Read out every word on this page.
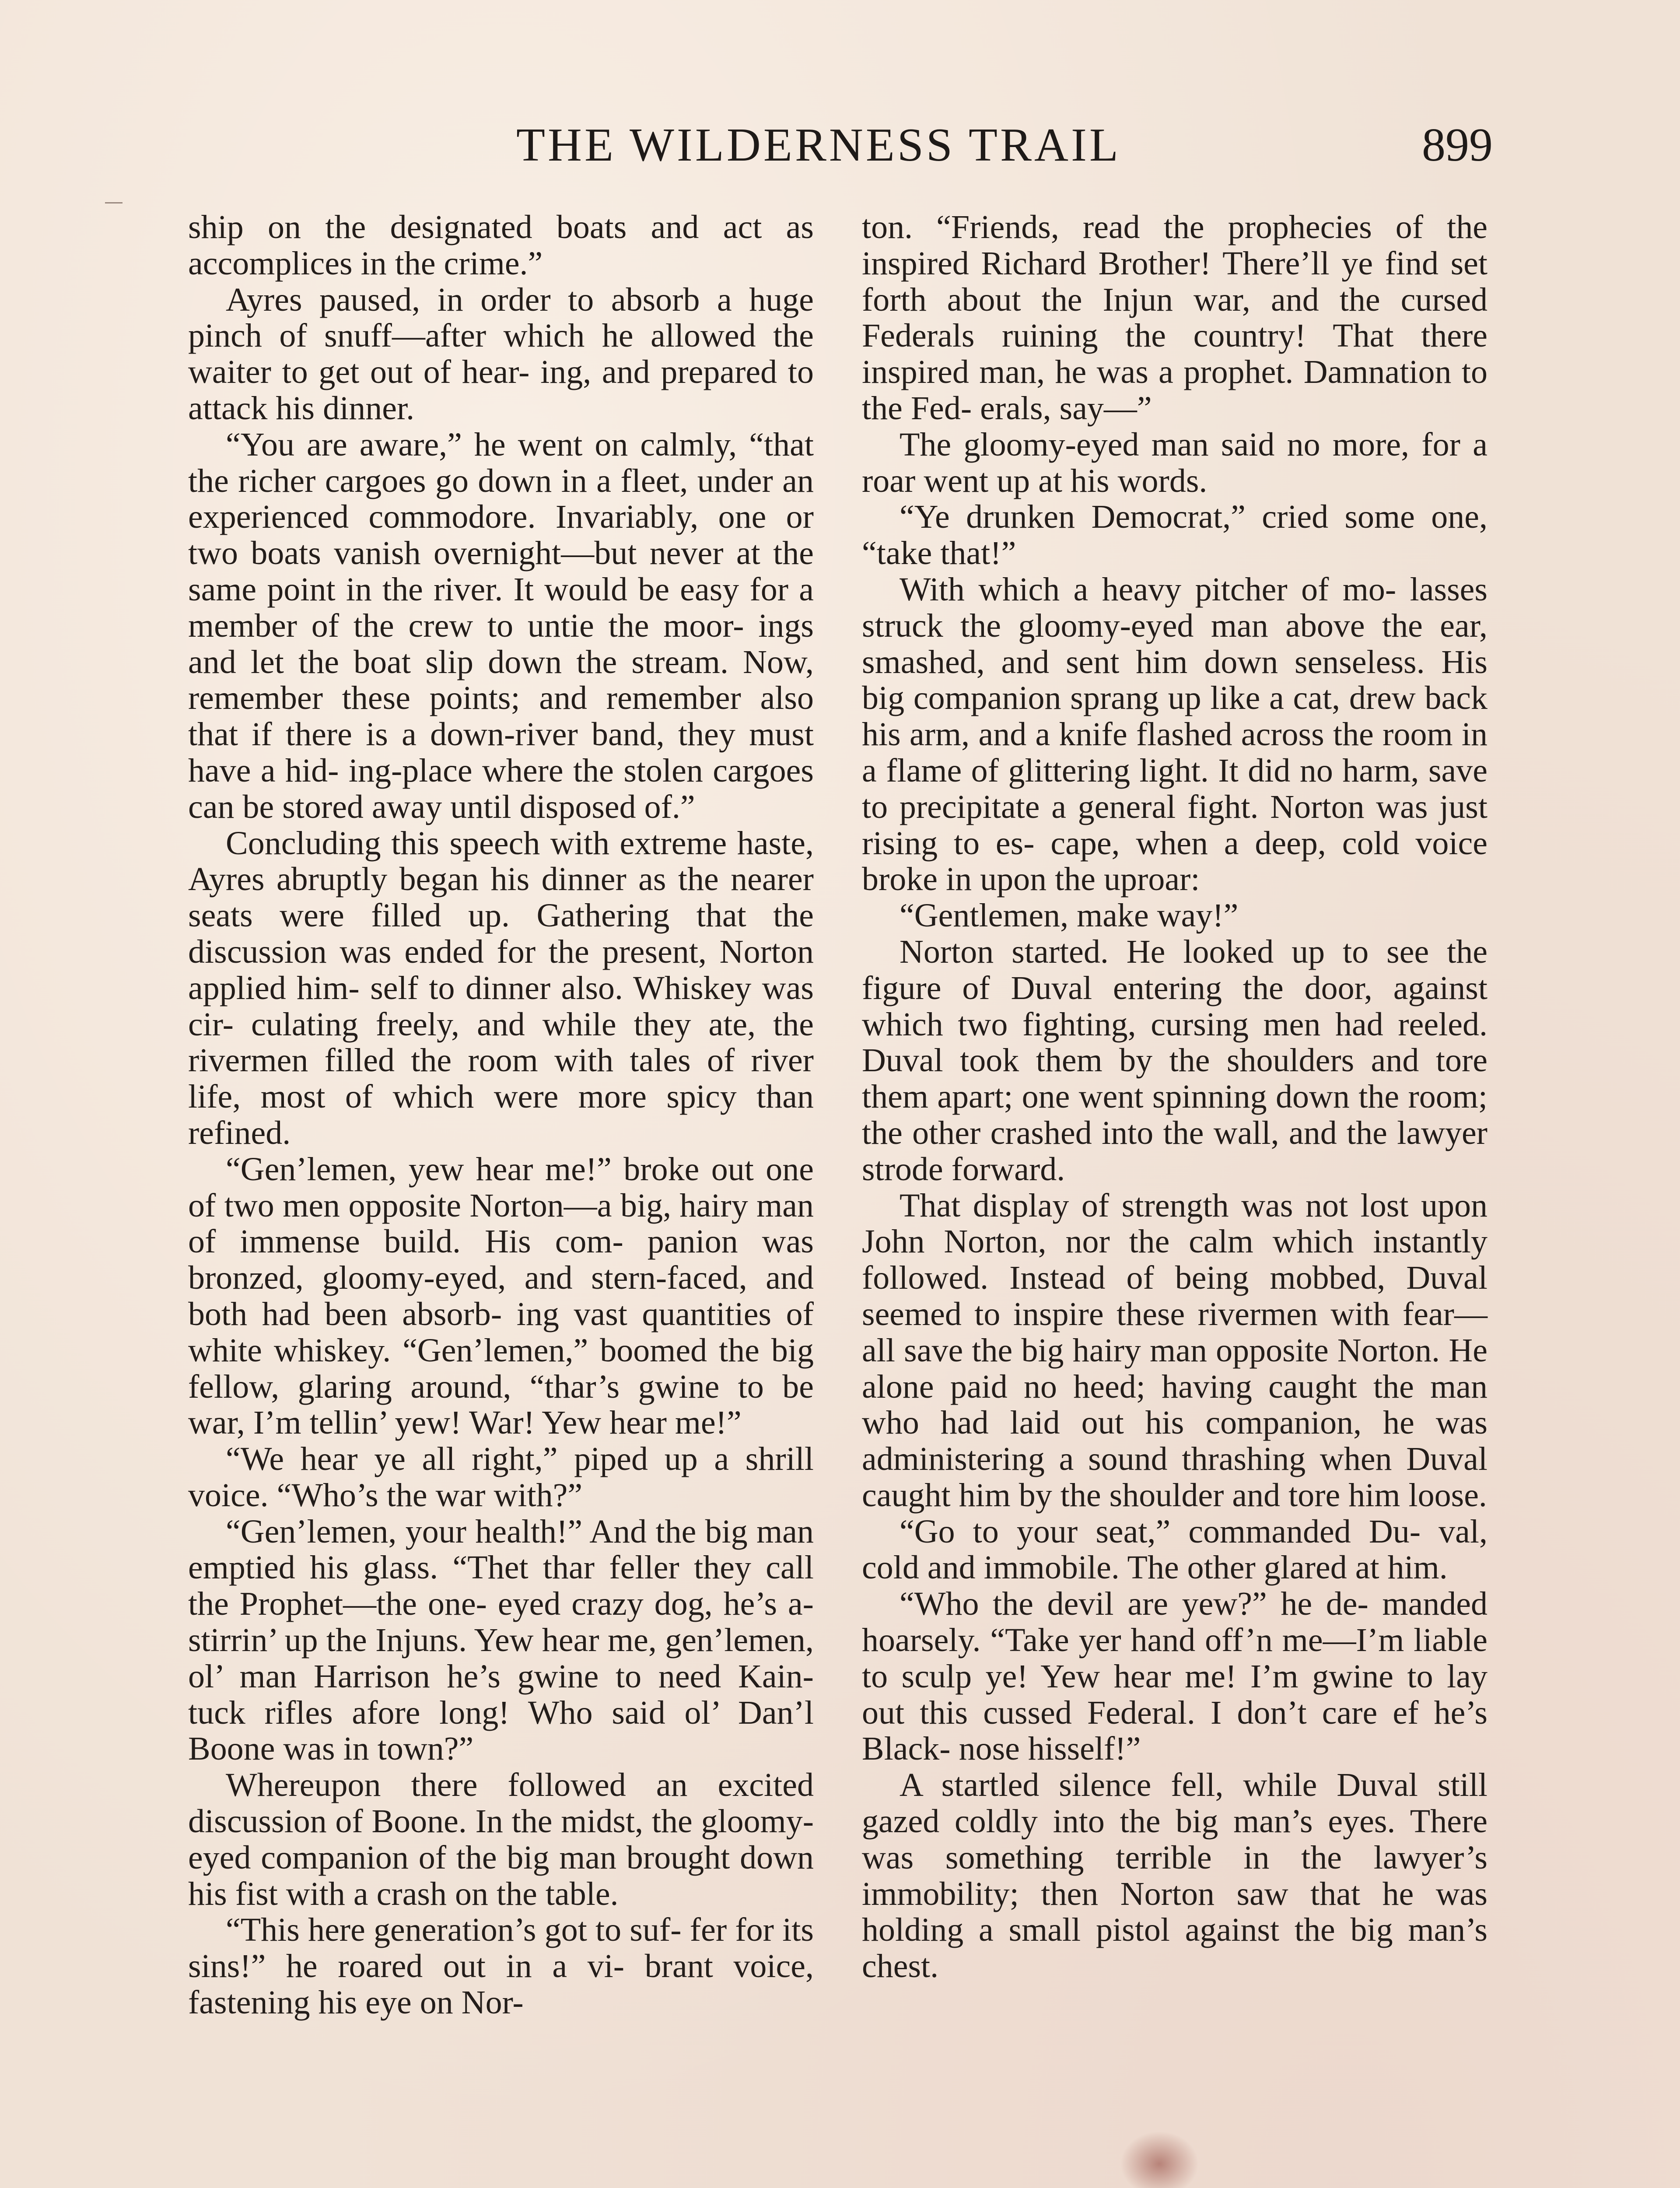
THE WILDERNESS TRAIL	899

ship on the designated boats and act as accomplices in the crime.”

Ayres paused, in order to absorb a huge pinch of snuff—after which he allowed the waiter to get out of hear- ing, and prepared to attack his dinner.

“You are aware,” he went on calmly, “that the richer cargoes go down in a fleet, under an experienced commodore. Invariably, one or two boats vanish overnight—but never at the same point in the river. It would be easy for a member of the crew to untie the moor- ings and let the boat slip down the stream. Now, remember these points; and remember also that if there is a down-river band, they must have a hid- ing-place where the stolen cargoes can be stored away until disposed of.”

Concluding this speech with extreme haste, Ayres abruptly began his dinner as the nearer seats were filled up. Gathering that the discussion was ended for the present, Norton applied him- self to dinner also. Whiskey was cir- culating freely, and while they ate, the rivermen filled the room with tales of river life, most of which were more spicy than refined.

“Gen’lemen, yew hear me!” broke out one of two men opposite Norton—a big, hairy man of immense build. His com- panion was bronzed, gloomy-eyed, and stern-faced, and both had been absorb- ing vast quantities of white whiskey. “Gen’lemen,” boomed the big fellow, glaring around, “thar’s gwine to be war, I’m tellin’ yew! War! Yew hear me!”

“We hear ye all right,” piped up a shrill voice. “Who’s the war with?”

“Gen’lemen, your health!” And the big man emptied his glass. “Thet thar feller they call the Prophet—the one- eyed crazy dog, he’s a-stirrin’ up the Injuns. Yew hear me, gen’lemen, ol’ man Harrison he’s gwine to need Kain- tuck rifles afore long! Who said ol’ Dan’l Boone was in town?”

Whereupon there followed an excited discussion of Boone. In the midst, the gloomy-eyed companion of the big man brought down his fist with a crash on the table.

“This here generation’s got to suf- fer for its sins!” he roared out in a vi- brant voice, fastening his eye on Nor-

ton. “Friends, read the prophecies of the inspired Richard Brother! There’ll ye find set forth about the Injun war, and the cursed Federals ruining the country! That there inspired man, he was a prophet. Damnation to the Fed- erals, say—”

The gloomy-eyed man said no more, for a roar went up at his words.

“Ye drunken Democrat,” cried some one, “take that!”

With which a heavy pitcher of mo- lasses struck the gloomy-eyed man above the ear, smashed, and sent him down senseless. His big companion sprang up like a cat, drew back his arm, and a knife flashed across the room in a flame of glittering light. It did no harm, save to precipitate a general fight. Norton was just rising to es- cape, when a deep, cold voice broke in upon the uproar:

“Gentlemen, make way!”

Norton started. He looked up to see the figure of Duval entering the door, against which two fighting, cursing men had reeled. Duval took them by the shoulders and tore them apart; one went spinning down the room; the other crashed into the wall, and the lawyer strode forward.

That display of strength was not lost upon John Norton, nor the calm which instantly followed. Instead of being mobbed, Duval seemed to inspire these rivermen with fear—all save the big hairy man opposite Norton. He alone paid no heed; having caught the man who had laid out his companion, he was administering a sound thrashing when Duval caught him by the shoulder and tore him loose.

“Go to your seat,” commanded Du- val, cold and immobile. The other glared at him.

“Who the devil are yew?” he de- manded hoarsely. “Take yer hand off’n me—I’m liable to sculp ye! Yew hear me! I’m gwine to lay out this cussed Federal. I don’t care ef he’s Black- nose hisself!”

A startled silence fell, while Duval still gazed coldly into the big man’s eyes. There was something terrible in the lawyer’s immobility; then Norton saw that he was holding a small pistol against the big man’s chest.
